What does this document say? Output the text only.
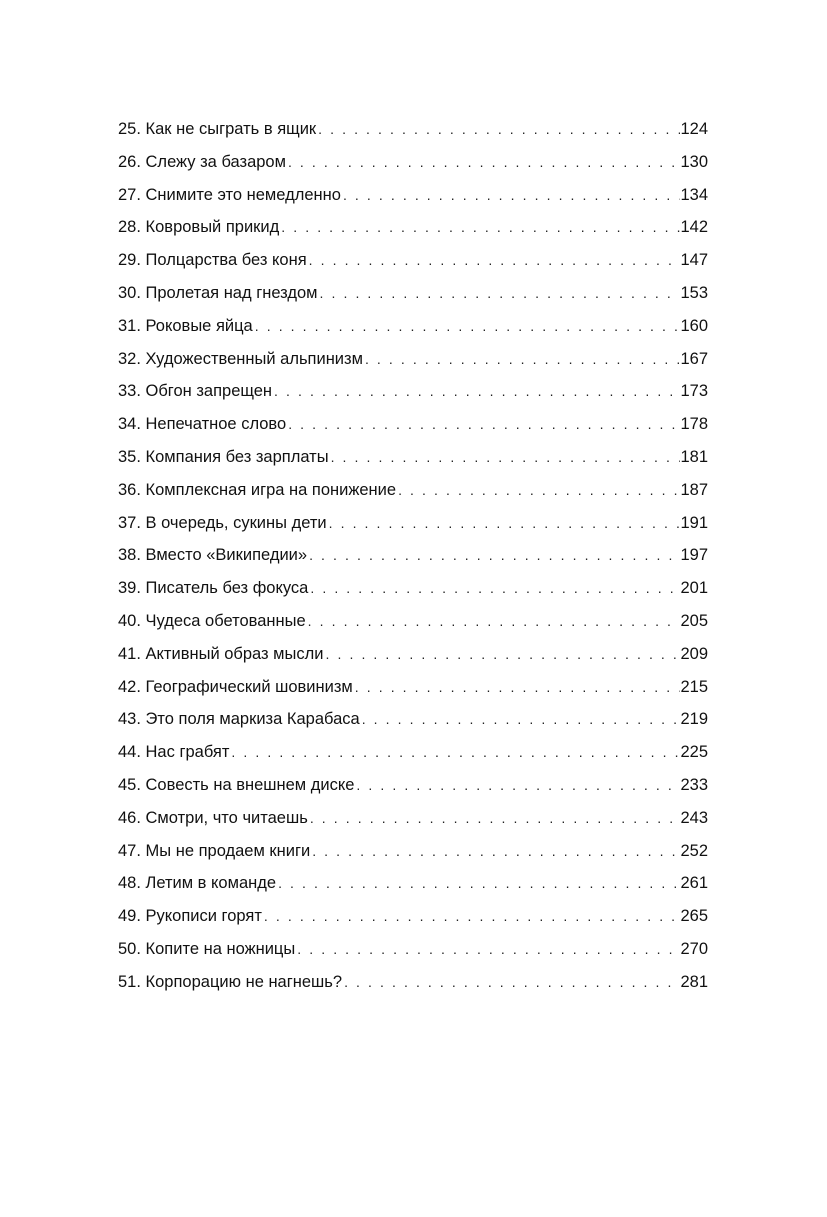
25. Как не сыграть в ящик . . .	124
26. Слежу за базаром . . .	130
27. Снимите это немедленно . . .	134
28. Ковровый прикид . . .	142
29. Полцарства без коня . . .	147
30. Пролетая над гнездом . . .	153
31. Роковые яйца . . .	160
32. Художественный альпинизм . . .	167
33. Обгон запрещен . . .	173
34. Непечатное слово . . .	178
35. Компания без зарплаты . . .	181
36. Комплексная игра на понижение . . .	187
37. В очередь, сукины дети . . .	191
38. Вместо «Википедии» . . .	197
39. Писатель без фокуса . . .	201
40. Чудеса обетованные . . .	205
41. Активный образ мысли . . .	209
42. Географический шовинизм . . .	215
43. Это поля маркиза Карабаса . . .	219
44. Нас грабят . . .	225
45. Совесть на внешнем диске . . .	233
46. Смотри, что читаешь . . .	243
47. Мы не продаем книги . . .	252
48. Летим в команде . . .	261
49. Рукописи горят . . .	265
50. Копите на ножницы . . .	270
51. Корпорацию не нагнешь? . . .	281
